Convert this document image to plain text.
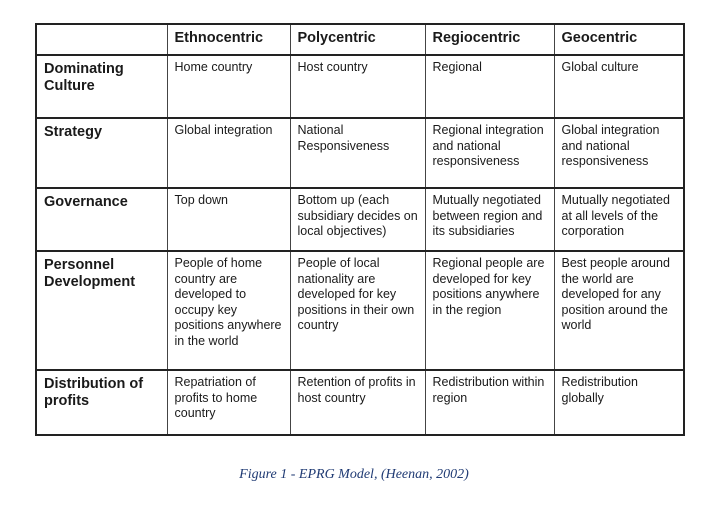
	Ethnocentric	Polycentric	Regiocentric	Geocentric
Dominating Culture	Home country	Host country	Regional	Global culture
Strategy	Global integration	National Responsiveness	Regional integration and national responsiveness	Global integration and national responsiveness
Governance	Top down	Bottom up (each subsidiary decides on local objectives)	Mutually negotiated between region and its subsidiaries	Mutually negotiated at all levels of the corporation
Personnel Development	People of home country are developed to occupy key positions anywhere in the world	People of local nationality are developed for key positions in their own country	Regional people are developed for key positions anywhere in the region	Best people around the world are developed for any position around the world
Distribution of profits	Repatriation of profits to home country	Retention of profits in host country	Redistribution within region	Redistribution globally
Figure 1 - EPRG Model, (Heenan, 2002)
